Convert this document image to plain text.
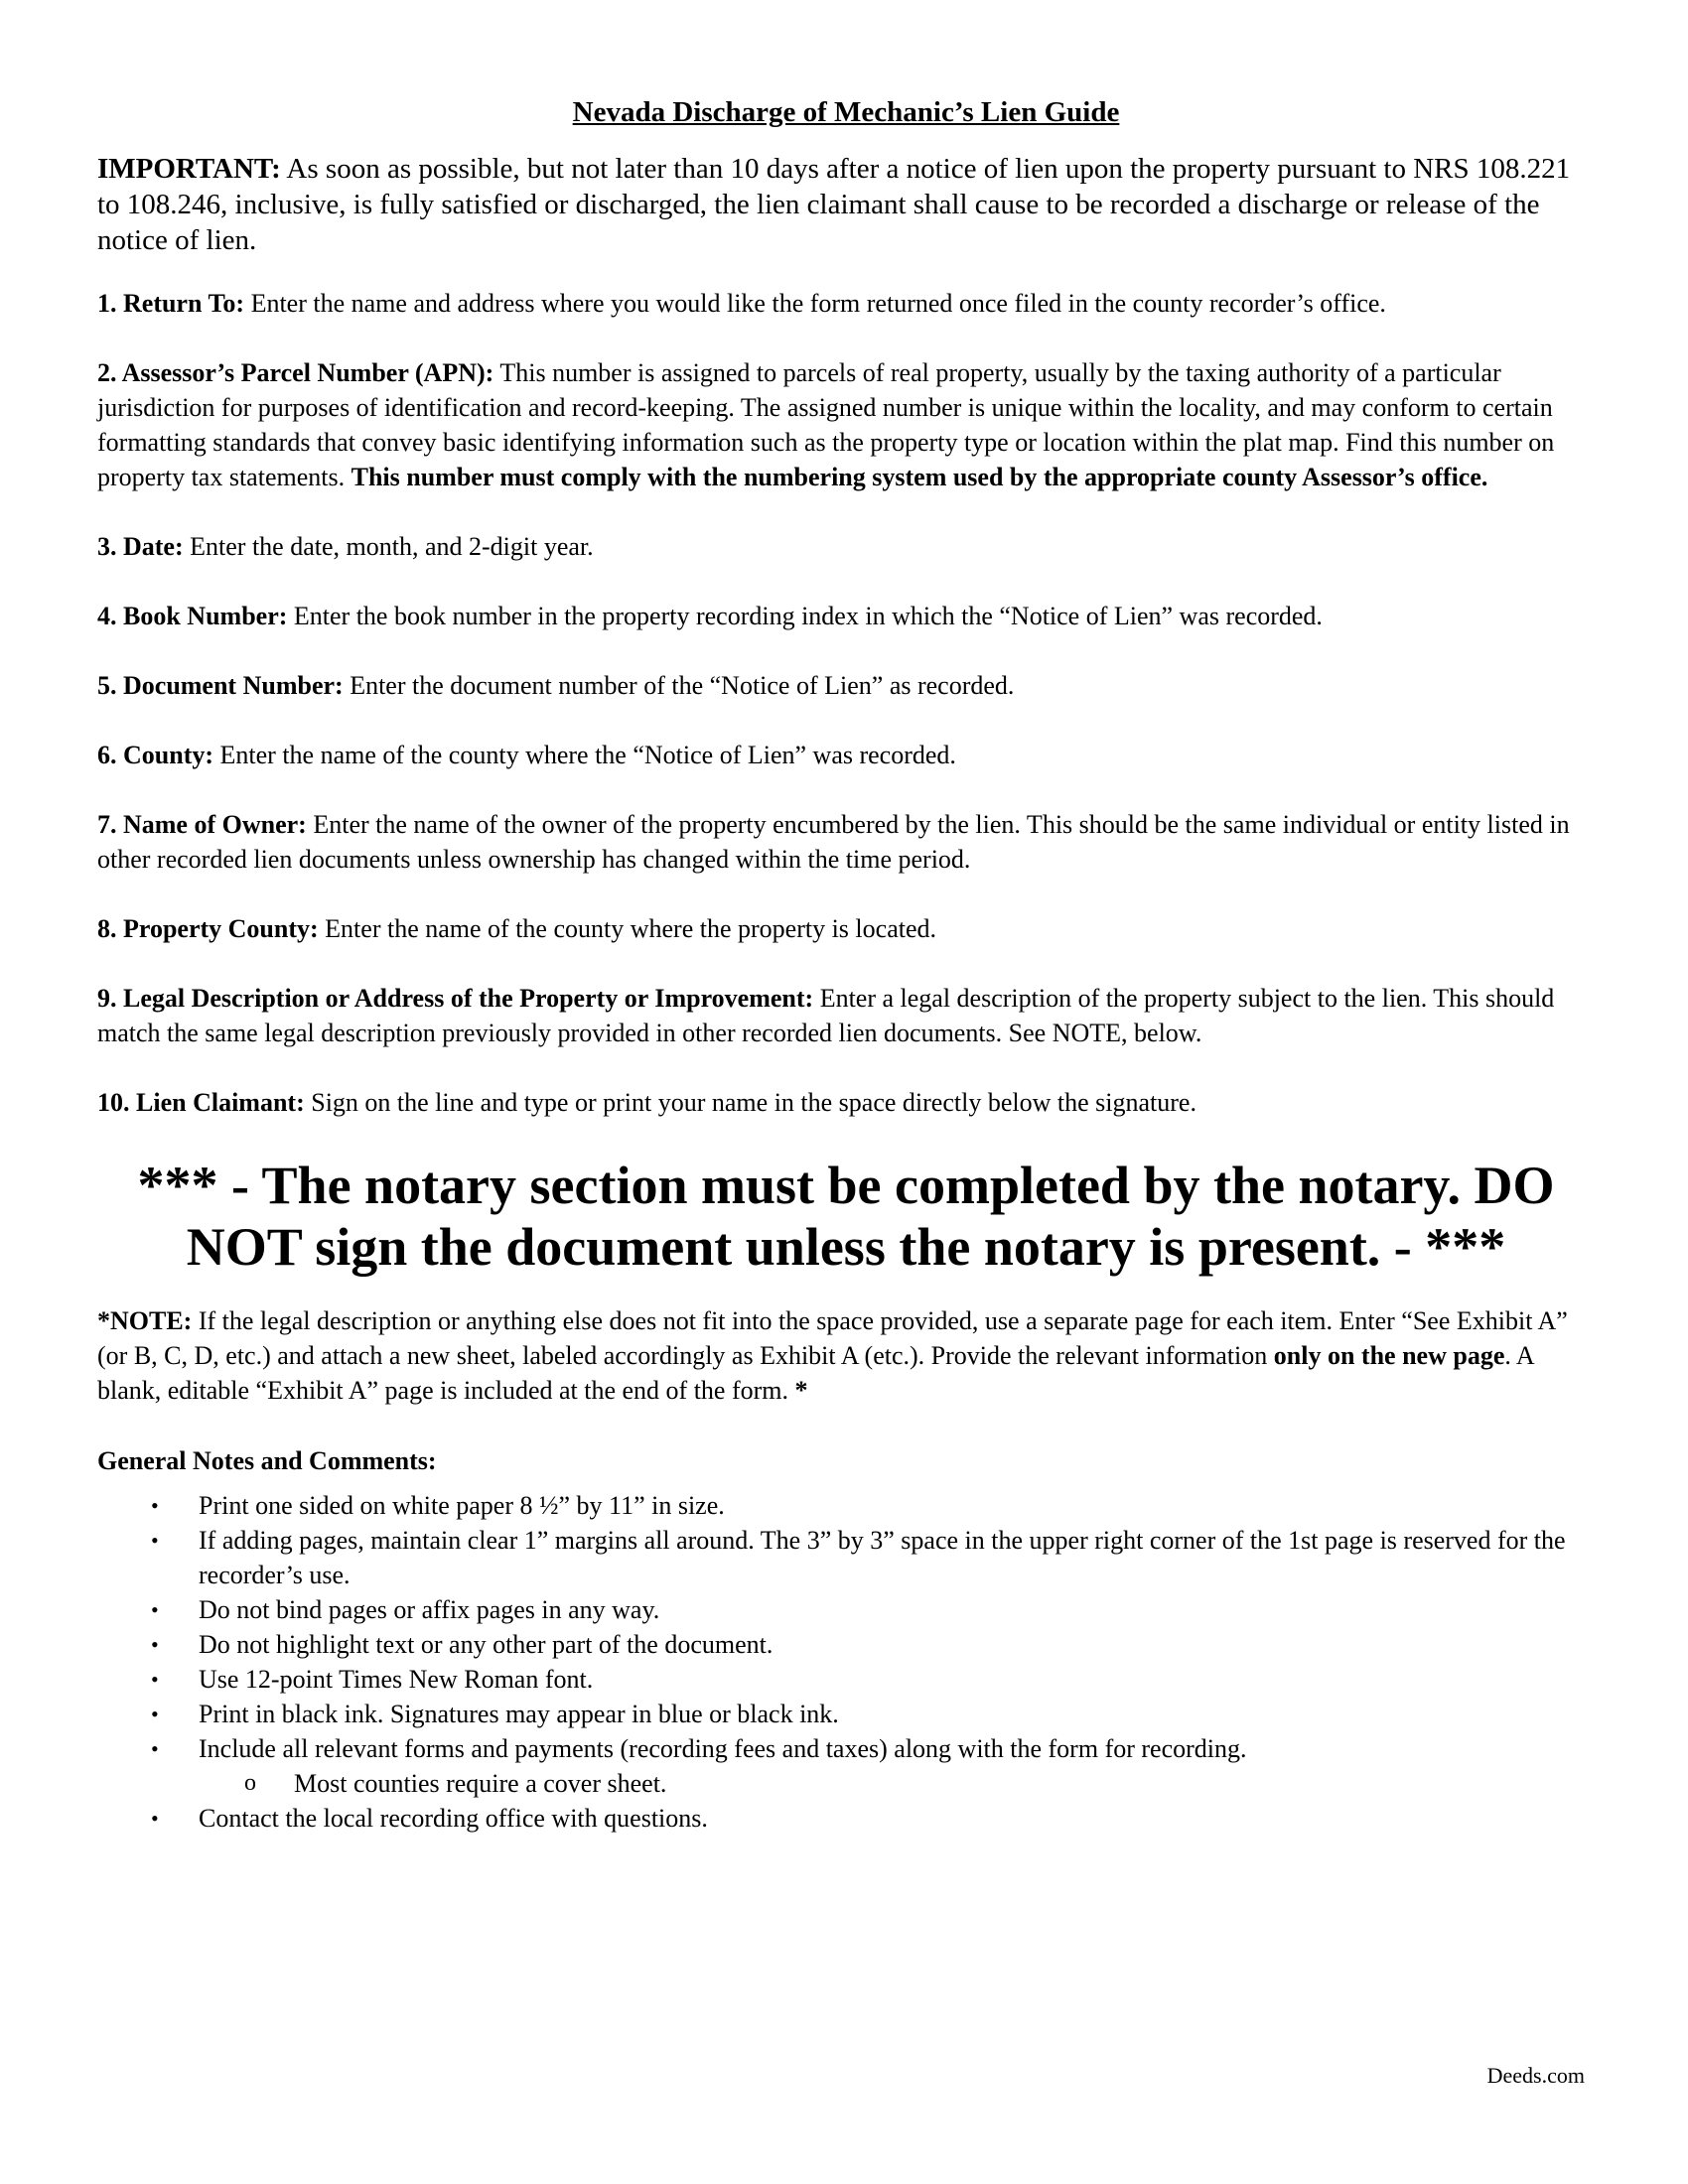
Nevada Discharge of Mechanic’s Lien Guide
IMPORTANT: As soon as possible, but not later than 10 days after a notice of lien upon the property pursuant to NRS 108.221 to 108.246, inclusive, is fully satisfied or discharged, the lien claimant shall cause to be recorded a discharge or release of the notice of lien.
1. Return To: Enter the name and address where you would like the form returned once filed in the county recorder’s office.
2. Assessor’s Parcel Number (APN): This number is assigned to parcels of real property, usually by the taxing authority of a particular jurisdiction for purposes of identification and record-keeping. The assigned number is unique within the locality, and may conform to certain formatting standards that convey basic identifying information such as the property type or location within the plat map. Find this number on property tax statements. This number must comply with the numbering system used by the appropriate county Assessor’s office.
3. Date: Enter the date, month, and 2-digit year.
4. Book Number: Enter the book number in the property recording index in which the “Notice of Lien” was recorded.
5. Document Number: Enter the document number of the “Notice of Lien” as recorded.
6. County: Enter the name of the county where the “Notice of Lien” was recorded.
7. Name of Owner: Enter the name of the owner of the property encumbered by the lien. This should be the same individual or entity listed in other recorded lien documents unless ownership has changed within the time period.
8. Property County: Enter the name of the county where the property is located.
9. Legal Description or Address of the Property or Improvement: Enter a legal description of the property subject to the lien. This should match the same legal description previously provided in other recorded lien documents. See NOTE, below.
10. Lien Claimant: Sign on the line and type or print your name in the space directly below the signature.
*** - The notary section must be completed by the notary. DO NOT sign the document unless the notary is present. - ***
*NOTE: If the legal description or anything else does not fit into the space provided, use a separate page for each item. Enter “See Exhibit A” (or B, C, D, etc.) and attach a new sheet, labeled accordingly as Exhibit A (etc.). Provide the relevant information only on the new page. A blank, editable “Exhibit A” page is included at the end of the form. *
General Notes and Comments:
• Print one sided on white paper 8 ½” by 11” in size.
• If adding pages, maintain clear 1” margins all around. The 3” by 3” space in the upper right corner of the 1st page is reserved for the recorder’s use.
• Do not bind pages or affix pages in any way.
• Do not highlight text or any other part of the document.
• Use 12-point Times New Roman font.
• Print in black ink. Signatures may appear in blue or black ink.
• Include all relevant forms and payments (recording fees and taxes) along with the form for recording.
o Most counties require a cover sheet.
• Contact the local recording office with questions.
Deeds.com
